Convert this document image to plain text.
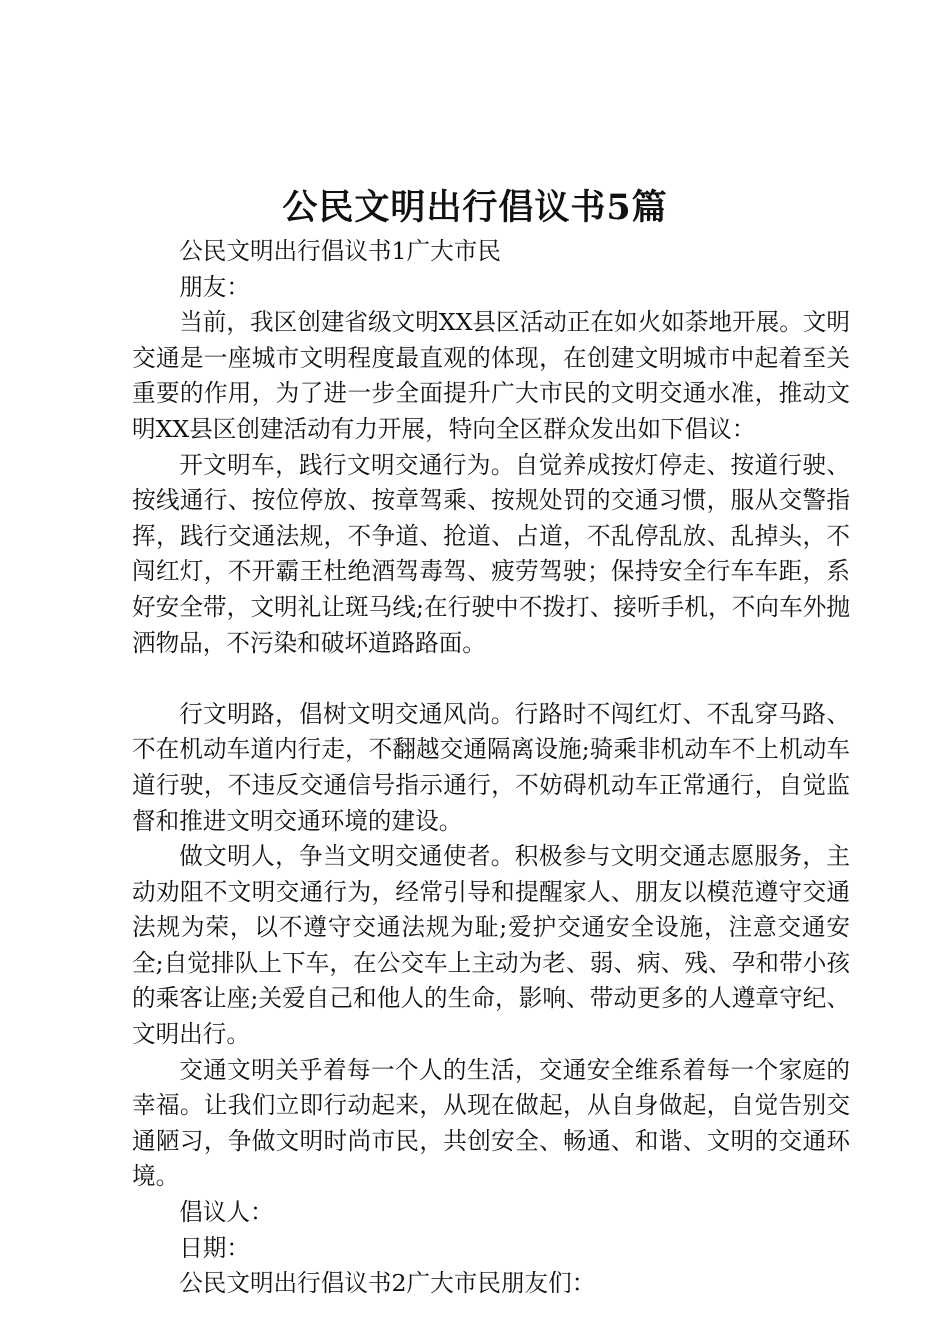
公民文明出行倡议书5篇

公民文明出行倡议书1广大市民

朋友：

当前，我区创建省级文明XX县区活动正在如火如荼地开展。文明交通是一座城市文明程度最直观的体现，在创建文明城市中起着至关重要的作用，为了进一步全面提升广大市民的文明交通水准，推动文明XX县区创建活动有力开展，特向全区群众发出如下倡议：

开文明车，践行文明交通行为。自觉养成按灯停走、按道行驶、按线通行、按位停放、按章驾乘、按规处罚的交通习惯，服从交警指挥，践行交通法规，不争道、抢道、占道，不乱停乱放、乱掉头，不闯红灯，不开霸王杜绝酒驾毒驾、疲劳驾驶；保持安全行车车距，系好安全带，文明礼让斑马线;在行驶中不拨打、接听手机，不向车外抛洒物品，不污染和破坏道路路面。

行文明路，倡树文明交通风尚。行路时不闯红灯、不乱穿马路、不在机动车道内行走，不翻越交通隔离设施;骑乘非机动车不上机动车道行驶，不违反交通信号指示通行，不妨碍机动车正常通行，自觉监督和推进文明交通环境的建设。

做文明人，争当文明交通使者。积极参与文明交通志愿服务，主动劝阻不文明交通行为，经常引导和提醒家人、朋友以模范遵守交通法规为荣，以不遵守交通法规为耻;爱护交通安全设施，注意交通安全;自觉排队上下车，在公交车上主动为老、弱、病、残、孕和带小孩的乘客让座;关爱自己和他人的生命，影响、带动更多的人遵章守纪、文明出行。

交通文明关乎着每一个人的生活，交通安全维系着每一个家庭的幸福。让我们立即行动起来，从现在做起，从自身做起，自觉告别交通陋习，争做文明时尚市民，共创安全、畅通、和谐、文明的交通环境。

倡议人：

日期：

公民文明出行倡议书2广大市民朋友们：
